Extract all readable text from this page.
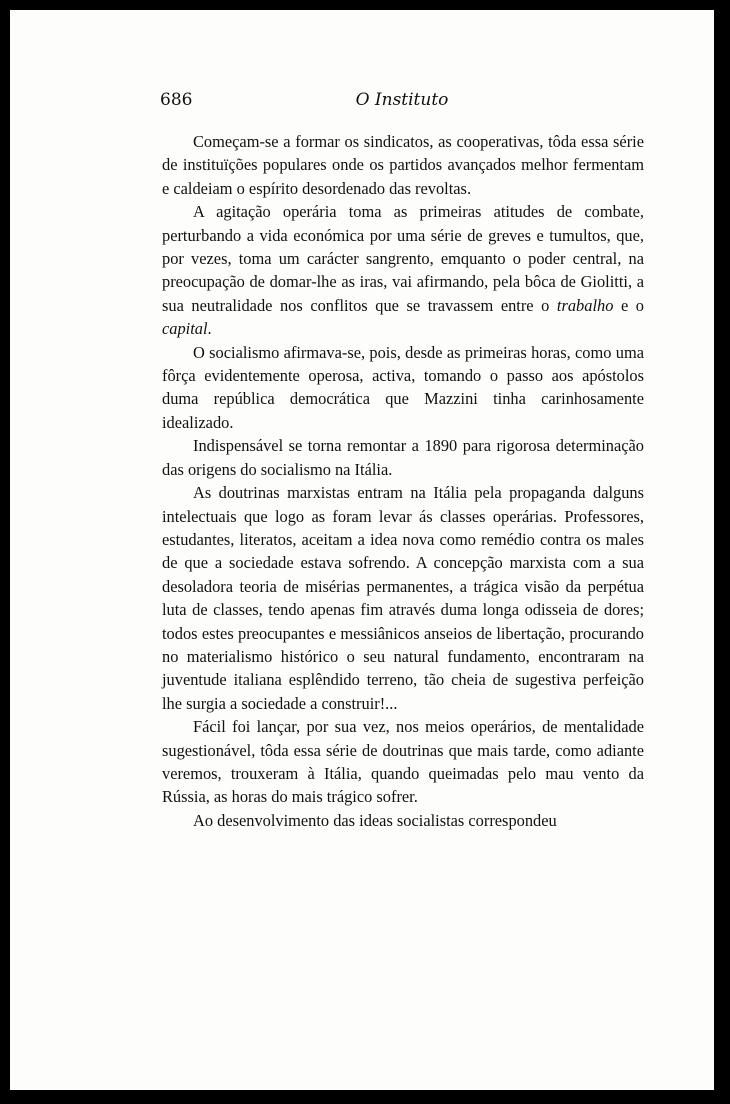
686	O Instituto

Começam-se a formar os sindicatos, as cooperativas, tôda essa série de instituïções populares onde os partidos avançados melhor fermentam e caldeiam o espírito desordenado das revoltas.

A agitação operária toma as primeiras atitudes de combate, perturbando a vida económica por uma série de greves e tumultos, que, por vezes, toma um carácter sangrento, emquanto o poder central, na preocupação de domar-lhe as iras, vai afirmando, pela bôca de Giolitti, a sua neutralidade nos conflitos que se travassem entre o trabalho e o capital.

O socialismo afirmava-se, pois, desde as primeiras horas, como uma fôrça evidentemente operosa, activa, tomando o passo aos apóstolos duma república democrática que Mazzini tinha carinhosamente idealizado.

Indispensável se torna remontar a 1890 para rigorosa determinação das origens do socialismo na Itália.

As doutrinas marxistas entram na Itália pela propaganda dalguns intelectuais que logo as foram levar ás classes operárias. Professores, estudantes, literatos, aceitam a idea nova como remédio contra os males de que a sociedade estava sofrendo. A concepção marxista com a sua desoladora teoria de misérias permanentes, a trágica visão da perpétua luta de classes, tendo apenas fim através duma longa odisseia de dores; todos estes preocupantes e messiânicos anseios de libertação, procurando no materialismo histórico o seu natural fundamento, encontraram na juventude italiana esplêndido terreno, tão cheia de sugestiva perfeição lhe surgia a sociedade a construir!...

Fácil foi lançar, por sua vez, nos meios operários, de mentalidade sugestionável, tôda essa série de doutrinas que mais tarde, como adiante veremos, trouxeram à Itália, quando queimadas pelo mau vento da Rússia, as horas do mais trágico sofrer.

Ao desenvolvimento das ideas socialistas correspondeu
